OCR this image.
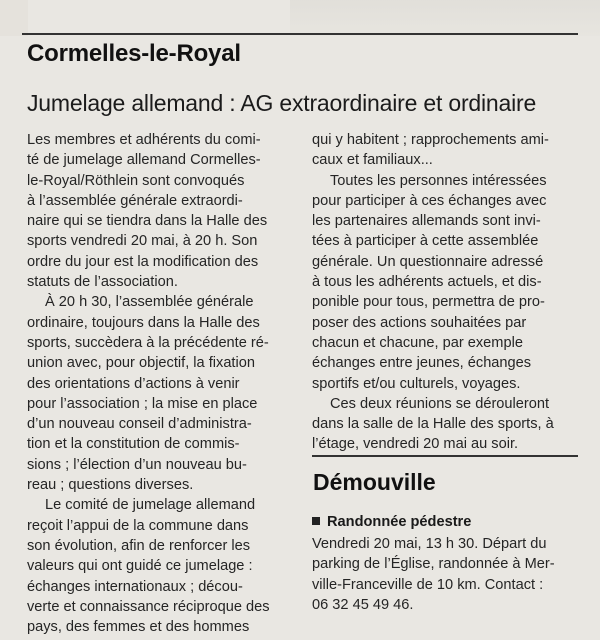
Cormelles-le-Royal
Jumelage allemand : AG extraordinaire et ordinaire
Les membres et adhérents du comi-
té de jumelage allemand Cormelles-
le-Royal/Röthlein sont convoqués
à l’assemblée générale extraordi-
naire qui se tiendra dans la Halle des
sports vendredi 20 mai, à 20 h. Son
ordre du jour est la modification des
statuts de l’association.
À 20 h 30, l’assemblée générale
ordinaire, toujours dans la Halle des
sports, succèdera à la précédente ré-
union avec, pour objectif, la fixation
des orientations d’actions à venir
pour l’association ; la mise en place
d’un nouveau conseil d’administra-
tion et la constitution de commis-
sions ; l’élection d’un nouveau bu-
reau ; questions diverses.
Le comité de jumelage allemand
reçoit l’appui de la commune dans
son évolution, afin de renforcer les
valeurs qui ont guidé ce jumelage :
échanges internationaux ; décou-
verte et connaissance réciproque des
pays, des femmes et des hommes
qui y habitent ; rapprochements ami-
caux et familiaux...
Toutes les personnes intéressées
pour participer à ces échanges avec
les partenaires allemands sont invi-
tées à participer à cette assemblée
générale. Un questionnaire adressé
à tous les adhérents actuels, et dis-
ponible pour tous, permettra de pro-
poser des actions souhaitées par
chacun et chacune, par exemple
échanges entre jeunes, échanges
sportifs et/ou culturels, voyages.
Ces deux réunions se dérouleront
dans la salle de la Halle des sports, à
l’étage, vendredi 20 mai au soir.
Démouville
Randonnée pédestre
Vendredi 20 mai, 13 h 30. Départ du
parking de l’Église, randonnée à Mer-
ville-Franceville de 10 km. Contact :
06 32 45 49 46.
